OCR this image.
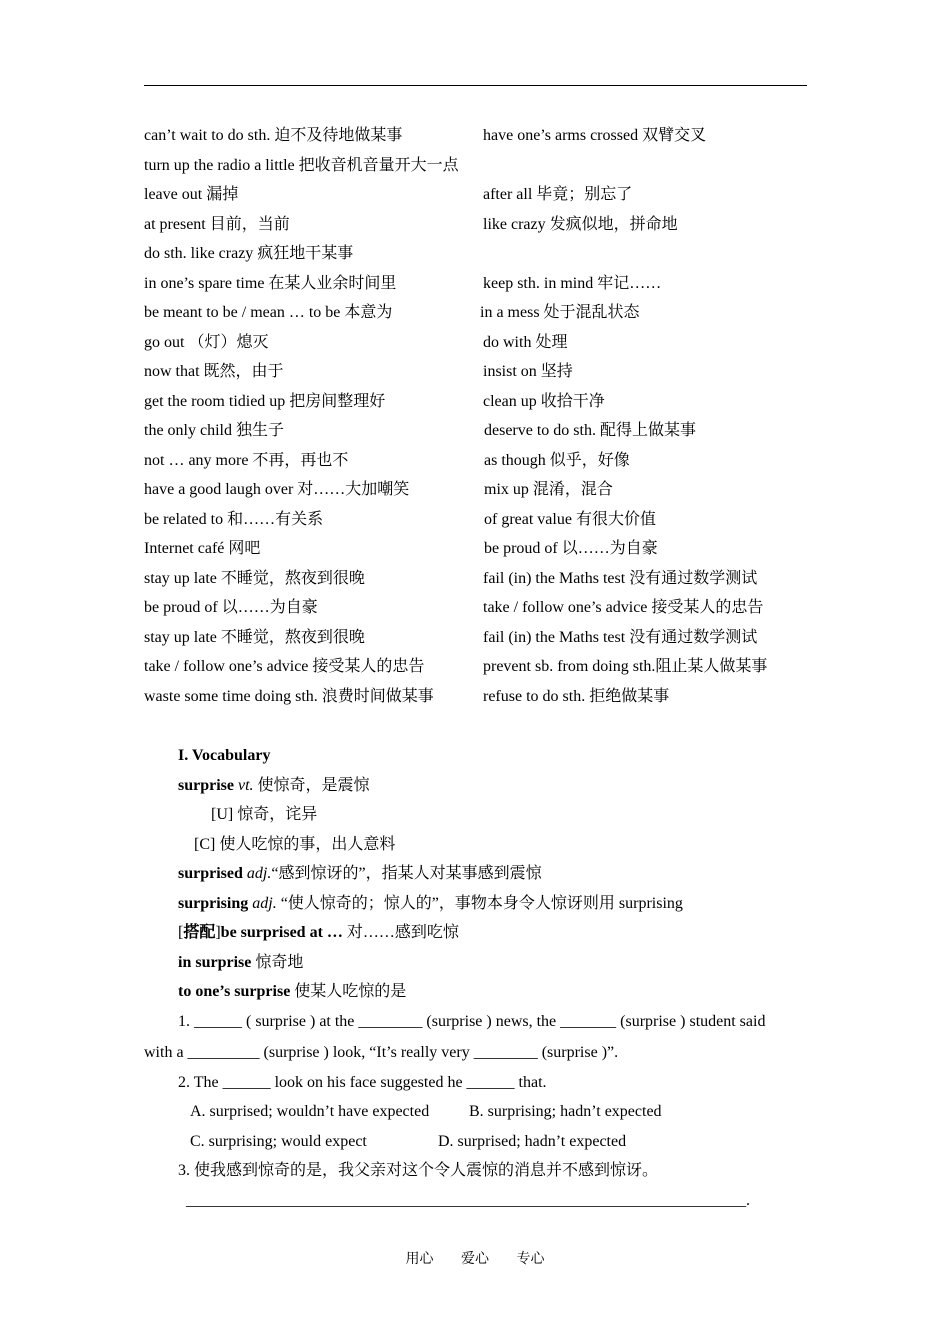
can’t wait to do sth. 迫不及待地做某事	have one’s arms crossed 双臂交叉
turn up the radio a little 把收音机音量开大一点
leave out 漏掉	after all 毕竟；别忘了
at present 目前，当前	like crazy 发疯似地，拼命地
do sth. like crazy 疯狂地干某事
in one’s spare time 在某人业余时间里	keep sth. in mind 牢记……
be meant to be / mean … to be 本意为	in a mess 处于混乱状态
go out （灯）熄灭	do with 处理
now that 既然，由于	insist on 坚持
get the room tidied up 把房间整理好	clean up 收拾干净
the only child 独生子	deserve to do sth. 配得上做某事
not … any more 不再，再也不	as though 似乎，好像
have a good laugh over 对……大加嘲笑	mix up 混淆，混合
be related to 和……有关系	of great value 有很大价值
Internet café 网吧	be proud of 以……为自豪
stay up late 不睡觉，熬夜到很晚	fail (in) the Maths test 没有通过数学测试
be proud of 以……为自豪	take / follow one’s advice 接受某人的忠告
stay up late 不睡觉，熬夜到很晚	fail (in) the Maths test 没有通过数学测试
take / follow one’s advice 接受某人的忠告	prevent sb. from doing sth.阻止某人做某事
waste some time doing sth. 浪费时间做某事	refuse to do sth. 拒绝做某事
I. Vocabulary
surprise vt. 使惊奇，是震惊
[U] 惊奇，诧异
[C] 使人吃惊的事，出人意料
surprised adj.“感到惊讶的”，指某人对某事感到震惊
surprising adj. “使人惊奇的；惊人的”，事物本身令人惊讶则用 surprising
[搭配]be surprised at … 对……感到吃惊
in surprise 惊奇地
to one’s surprise 使某人吃惊的是
1. ______ ( surprise ) at the ________ (surprise ) news, the _______ (surprise ) student said
with a _________ (surprise ) look, “It’s really very ________ (surprise )”.
2. The ______ look on his face suggested he ______ that.
A. surprised; wouldn’t have expected B. surprising; hadn’t expected
C. surprising; would expect	D. surprised; hadn’t expected
3. 使我感到惊奇的是，我父亲对这个令人震惊的消息并不感到惊讶。
______________________________________________________________________.
用心 爱心 专心
